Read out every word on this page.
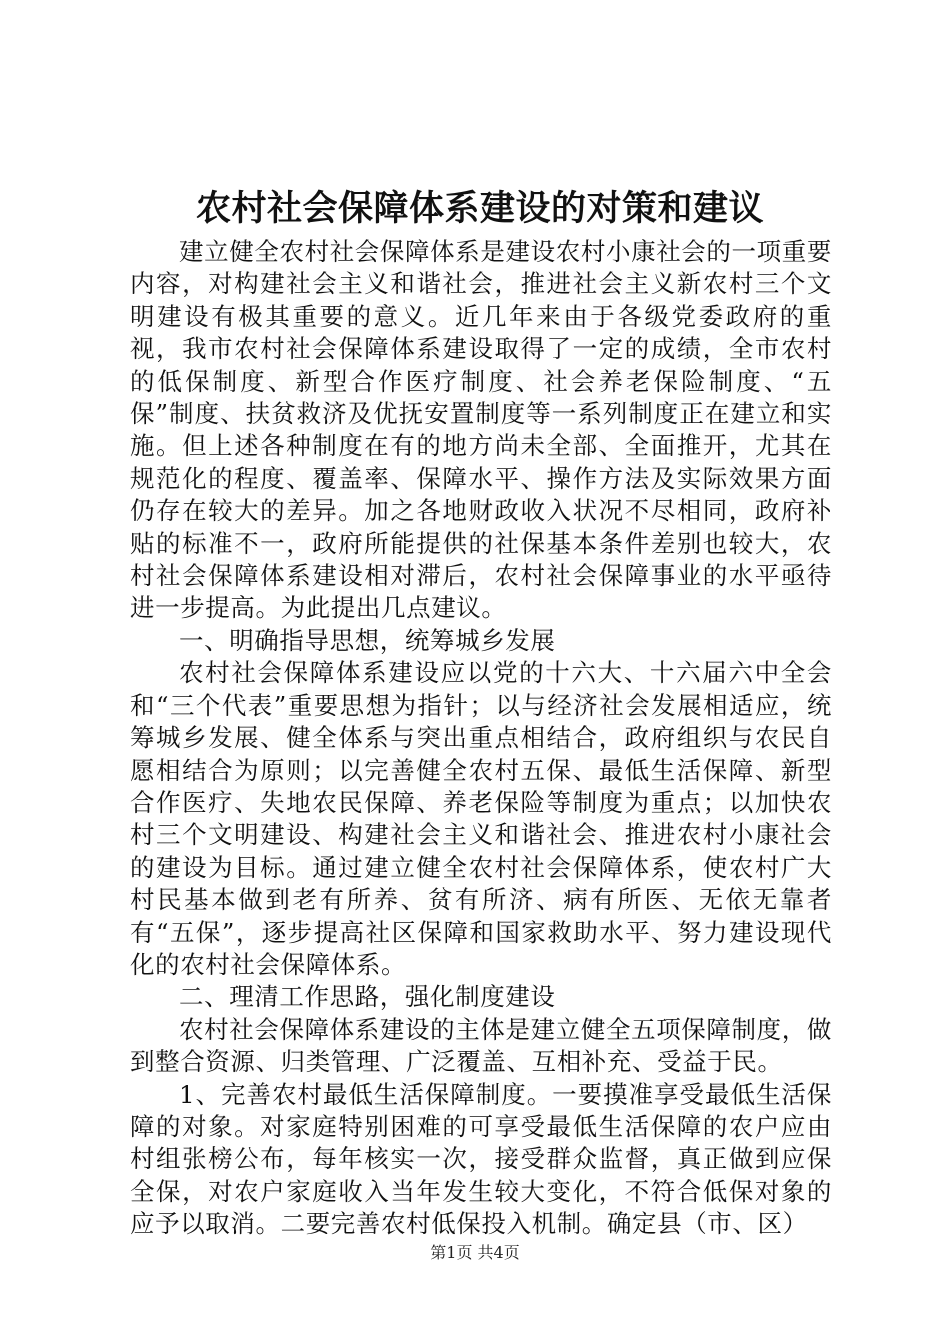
农村社会保障体系建设的对策和建议

建立健全农村社会保障体系是建设农村小康社会的一项重要内容，对构建社会主义和谐社会，推进社会主义新农村三个文明建设有极其重要的意义。近几年来由于各级党委政府的重视，我市农村社会保障体系建设取得了一定的成绩，全市农村的低保制度、新型合作医疗制度、社会养老保险制度、“五保”制度、扶贫救济及优抚安置制度等一系列制度正在建立和实施。但上述各种制度在有的地方尚未全部、全面推开，尤其在规范化的程度、覆盖率、保障水平、操作方法及实际效果方面仍存在较大的差异。加之各地财政收入状况不尽相同，政府补贴的标准不一，政府所能提供的社保基本条件差别也较大，农村社会保障体系建设相对滞后，农村社会保障事业的水平亟待进一步提高。为此提出几点建议。

一、明确指导思想，统筹城乡发展

农村社会保障体系建设应以党的十六大、十六届六中全会和“三个代表”重要思想为指针；以与经济社会发展相适应，统筹城乡发展、健全体系与突出重点相结合，政府组织与农民自愿相结合为原则；以完善健全农村五保、最低生活保障、新型合作医疗、失地农民保障、养老保险等制度为重点；以加快农村三个文明建设、构建社会主义和谐社会、推进农村小康社会的建设为目标。通过建立健全农村社会保障体系，使农村广大村民基本做到老有所养、贫有所济、病有所医、无依无靠者有“五保”，逐步提高社区保障和国家救助水平、努力建设现代化的农村社会保障体系。

二、理清工作思路，强化制度建设

农村社会保障体系建设的主体是建立健全五项保障制度，做到整合资源、归类管理、广泛覆盖、互相补充、受益于民。

1、完善农村最低生活保障制度。一要摸准享受最低生活保障的对象。对家庭特别困难的可享受最低生活保障的农户应由村组张榜公布，每年核实一次，接受群众监督，真正做到应保全保，对农户家庭收入当年发生较大变化，不符合低保对象的应予以取消。二要完善农村低保投入机制。确定县（市、区）

第1页 共4页
